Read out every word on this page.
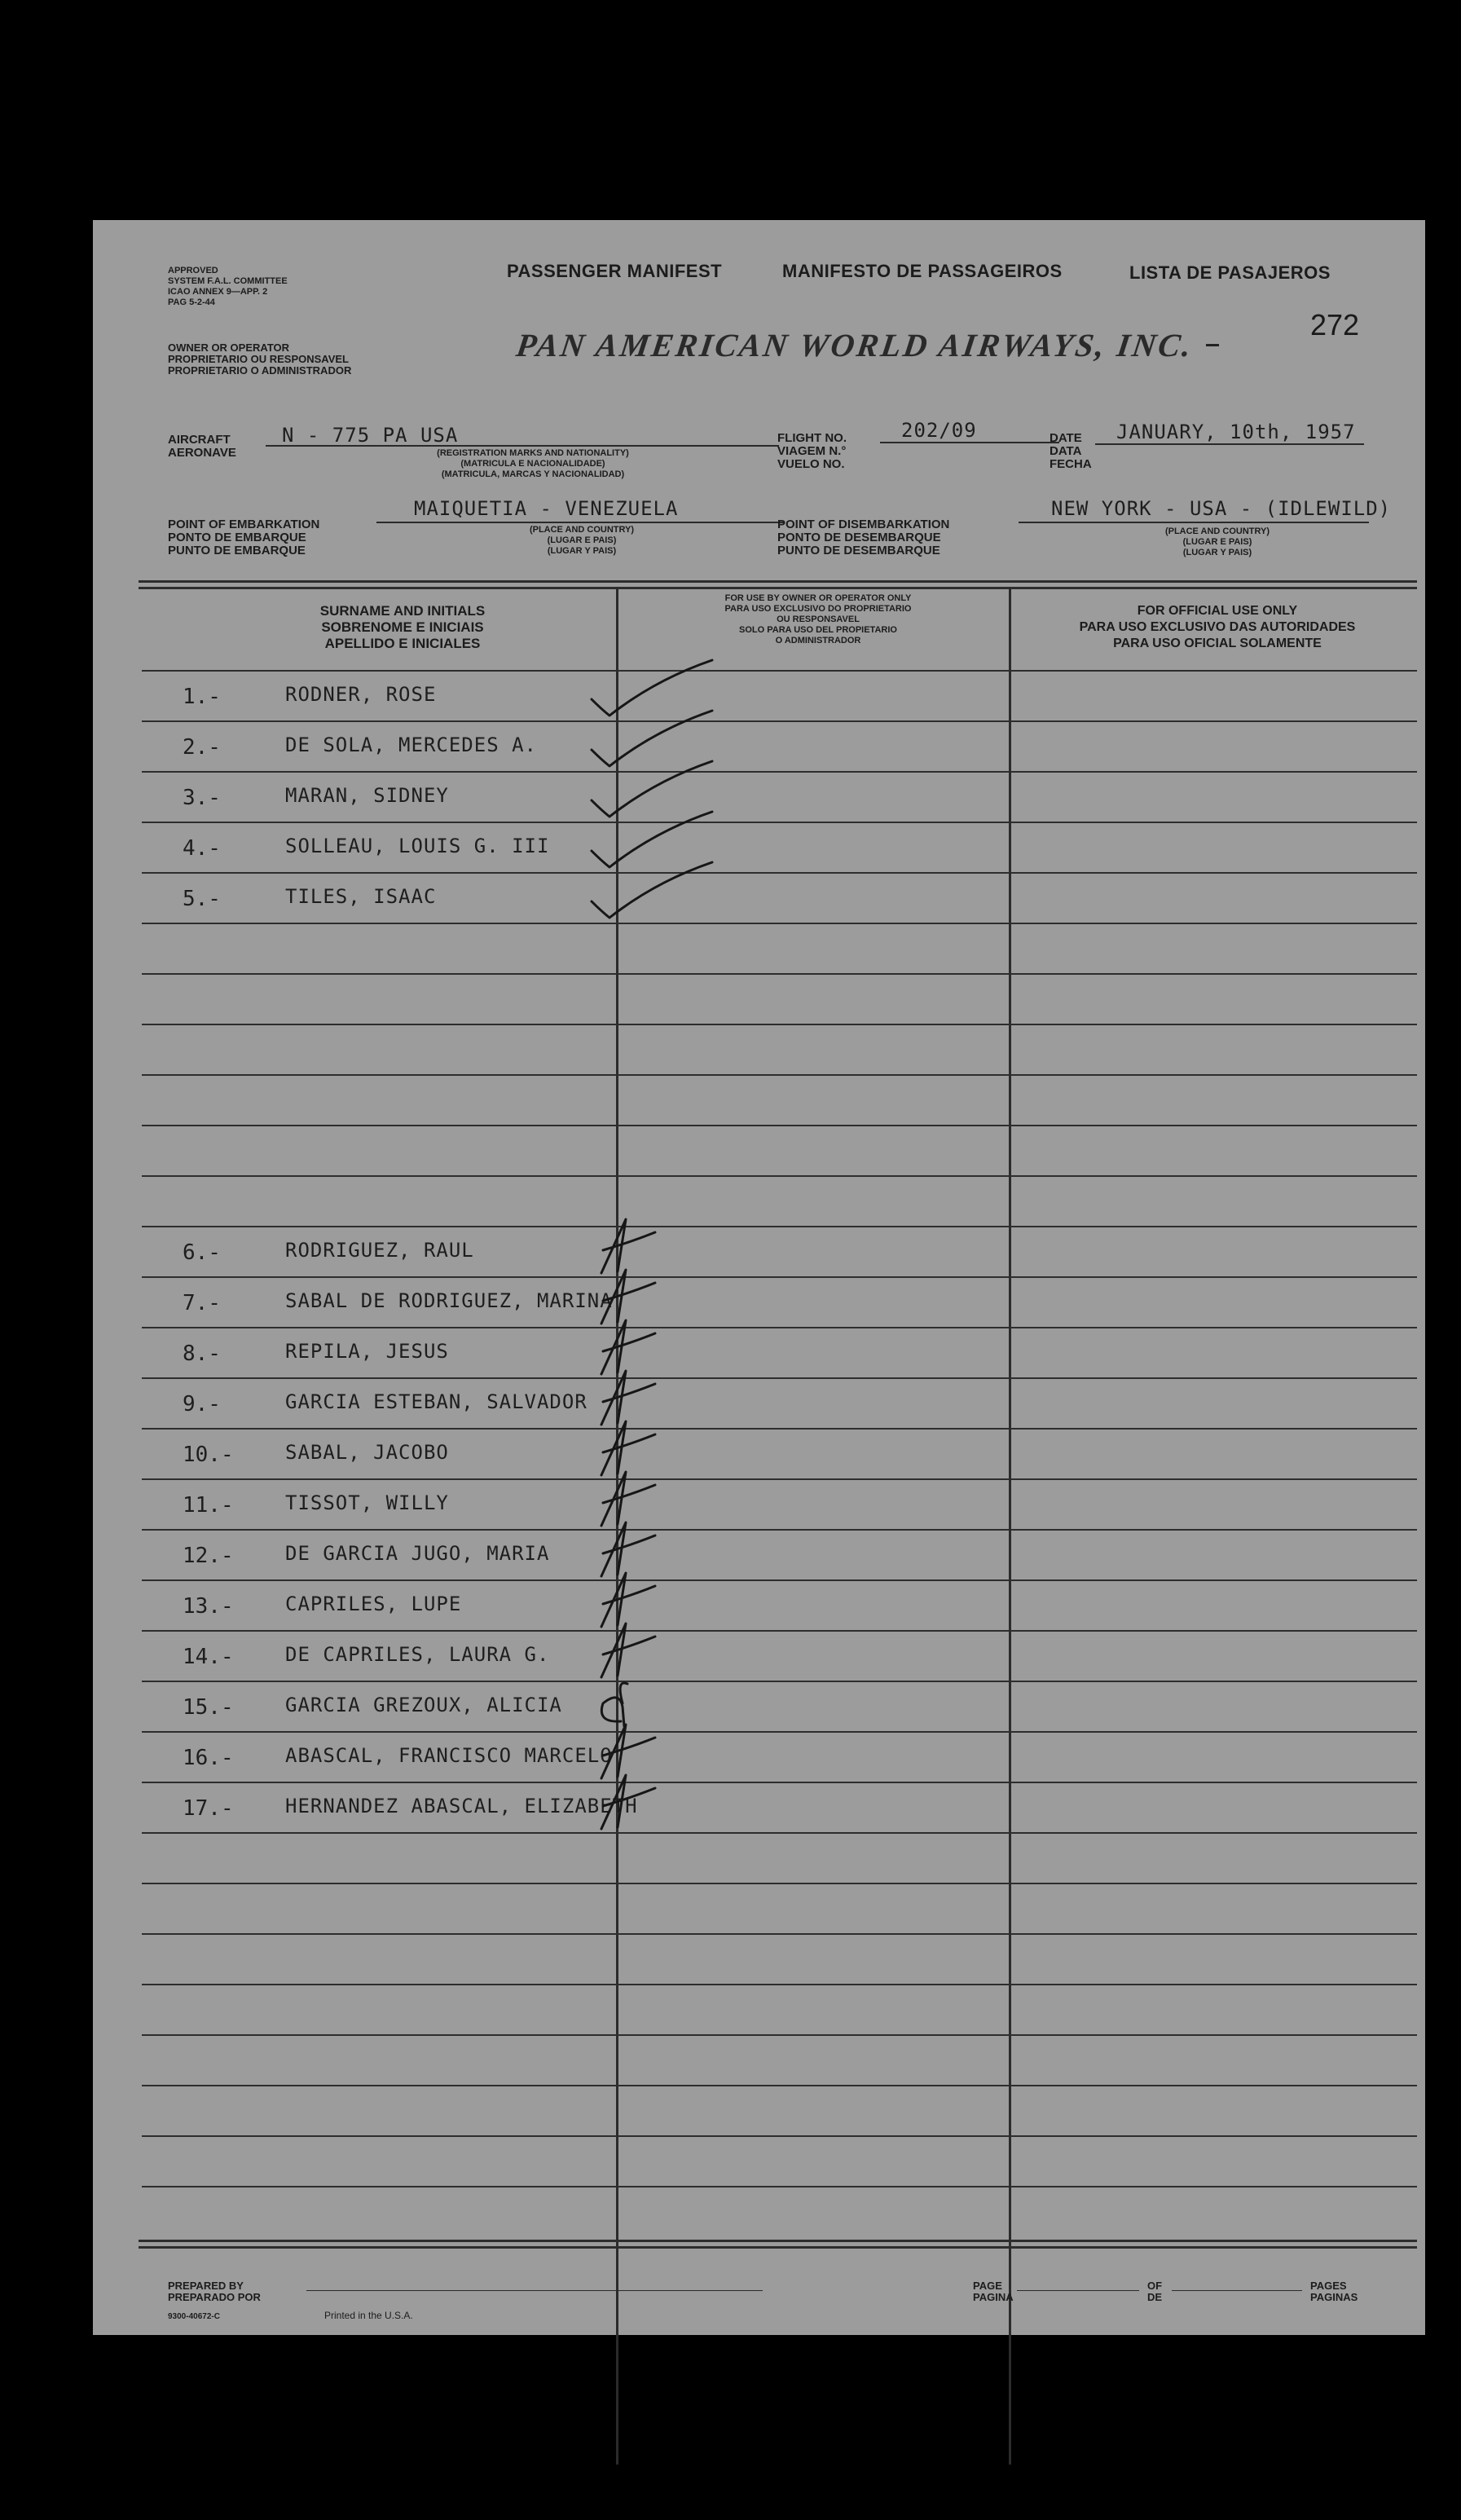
APPROVED
SYSTEM F.A.L. COMMITTEE
ICAO ANNEX 9—APP. 2
PAG 5-2-44
PASSENGER MANIFEST	MANIFESTO DE PASSAGEIROS	LISTA DE PASAJEROS
272
OWNER OR OPERATOR
PROPRIETARIO OU RESPONSAVEL
PROPRIETARIO O ADMINISTRADOR
PAN AMERICAN WORLD AIRWAYS, INC.
AIRCRAFT
AERONAVE
N - 775 PA USA
(REGISTRATION MARKS AND NATIONALITY)
(MATRICULA E NACIONALIDADE)
(MATRICULA, MARCAS Y NACIONALIDAD)
FLIGHT NO.
VIAGEM N.°
VUELO NO.
202/09	DATE
DATA
FECHA
JANUARY, 10th, 1957
POINT OF EMBARKATION
PONTO DE EMBARQUE
PUNTO DE EMBARQUE
MAIQUETIA - VENEZUELA
(PLACE AND COUNTRY)
(LUGAR E PAIS)
(LUGAR Y PAIS)
POINT OF DISEMBARKATION
PONTO DE DESEMBARQUE
PUNTO DE DESEMBARQUE
NEW YORK - USA - (IDLEWILD)
(PLACE AND COUNTRY)
(LUGAR E PAIS)
(LUGAR Y PAIS)
SURNAME AND INITIALS
SOBRENOME E INICIAIS
APELLIDO E INICIALES
FOR USE BY OWNER OR OPERATOR ONLY
PARA USO EXCLUSIVO DO PROPRIETARIO
OU RESPONSAVEL
SOLO PARA USO DEL PROPIETARIO
O ADMINISTRADOR
FOR OFFICIAL USE ONLY
PARA USO EXCLUSIVO DAS AUTORIDADES
PARA USO OFICIAL SOLAMENTE
1.-	RODNER, ROSE
2.-	DE SOLA, MERCEDES A.
3.-	MARAN, SIDNEY
4.-	SOLLEAU, LOUIS G. III
5.-	TILES, ISAAC
6.-	RODRIGUEZ, RAUL
7.-	SABAL DE RODRIGUEZ, MARINA
8.-	REPILA, JESUS
9.-	GARCIA ESTEBAN, SALVADOR
10.-	SABAL, JACOBO
11.-	TISSOT, WILLY
12.-	DE GARCIA JUGO, MARIA
13.-	CAPRILES, LUPE
14.-	DE CAPRILES, LAURA G.
15.-	GARCIA GREZOUX, ALICIA
16.-	ABASCAL, FRANCISCO MARCELO
17.-	HERNANDEZ ABASCAL, ELIZABETH
PREPARED BY
PREPARADO POR
9300-40672-C	Printed in the U.S.A.
PAGE
PAGINA
OF
DE
PAGES
PAGINAS
